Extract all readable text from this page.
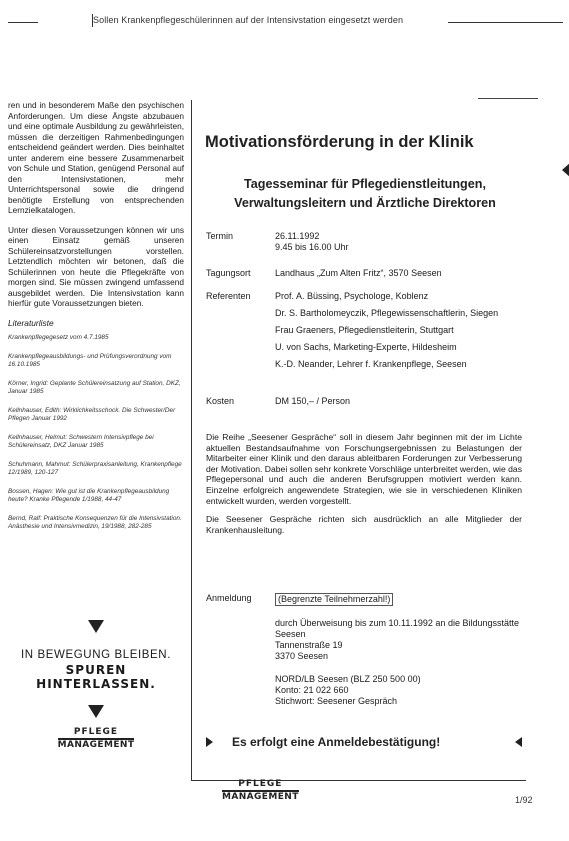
Sollen Krankenpflegeschülerinnen auf der Intensivstation eingesetzt werden

ren und in besonderem Maße den psychischen Anforderungen. Um diese Ängste abzubauen und eine optimale Ausbildung zu gewährleisten, müssen die derzeitigen Rahmenbedingungen entscheidend geändert werden. Dies beinhaltet unter anderem eine bessere Zusammenarbeit von Schule und Station, genügend Personal auf den Intensivstationen, mehr Unterrichtspersonal sowie die dringend benötigte Erstellung von entsprechenden Lernzielkatalogen.

Unter diesen Voraussetzungen können wir uns einen Einsatz gemäß unseren Schülereinsatzvorstellungen vorstellen. Letztendlich möchten wir betonen, daß die Schülerinnen von heute die Pflegekräfte von morgen sind. Sie müssen zwingend umfassend ausgebildet werden. Die Intensivstation kann hierfür gute Voraussetzungen bieten.

Literaturliste
Krankenpflegegesetz vom 4.7.1985
Krankenpflegeausbildungs- und Prüfungsverordnung vom 16.10.1985
Körner, Ingrid: Geplante Schülereinsatzung auf Station, DKZ, Januar 1985
Kellnhauser, Edith: Wirklichkeitsschock. Die Schwester/Der Pflegen Januar 1992
Kellnhauser, Helmut: Schwestern Intensivpflege bei Schülereinsatz, DKZ Januar 1985
Schuhmann, Mahmut: Schülerpraxisanleitung, Krankenpflege 12/1989, 120-127
Bossen, Hagen: Wie gut ist die Krankenpflegeausbildung heute? Kranke Pflegende 1/1988, 44-47
Bernd, Ralf: Praktische Konsequenzen für die Intensivstation. Anästhesie und Intensivmedizin, 19/1988, 282-285
IN BEWEGUNG BLEIBEN.
SPUREN
HINTERLASSEN.
PFLEGE
MANAGEMENT
Motivationsförderung in der Klinik
Tagesseminar für Pflegedienstleitungen,
Verwaltungsleitern und Ärztliche Direktoren
Termin	26.11.1992
9.45 bis 16.00 Uhr
Tagungsort	Landhaus „Zum Alten Fritz“, 3570 Seesen
Referenten	Prof. A. Büssing, Psychologe, Koblenz
Dr. S. Bartholomeyczik, Pflegewissenschaftlerin, Siegen
Frau Graeners, Pflegedienstleiterin, Stuttgart
U. von Sachs, Marketing-Experte, Hildesheim
K.-D. Neander, Lehrer f. Krankenpflege, Seesen
Kosten	DM 150,– / Person

Die Reihe „Seesener Gespräche“ soll in diesem Jahr beginnen mit der im Lichte aktuellen Bestandsaufnahme von Forschungsergebnissen zu Belastungen der Mitarbeiter einer Klinik und den daraus ableitbaren Forderungen zur Verbesserung der Motivation. Dabei sollen sehr konkrete Vorschläge unterbreitet werden, wie das Pflegepersonal und auch die anderen Berufsgruppen motiviert werden kann. Einzelne erfolgreich angewendete Strategien, wie sie in verschiedenen Kliniken entwickelt wurden, werden vorgestellt.

Die Seesener Gespräche richten sich ausdrücklich an alle Mitglieder der Krankenhausleitung.

Anmeldung	(Begrenzte Teilnehmerzahl!)
durch Überweisung bis zum 10.11.1992 an die Bildungsstätte Seesen
Tannenstraße 19
3370 Seesen
NORD/LB Seesen (BLZ 250 500 00)
Konto: 21 022 660
Stichwort: Seesener Gespräch
Es erfolgt eine Anmeldebestätigung!
PFLEGE
MANAGEMENT	1/92
